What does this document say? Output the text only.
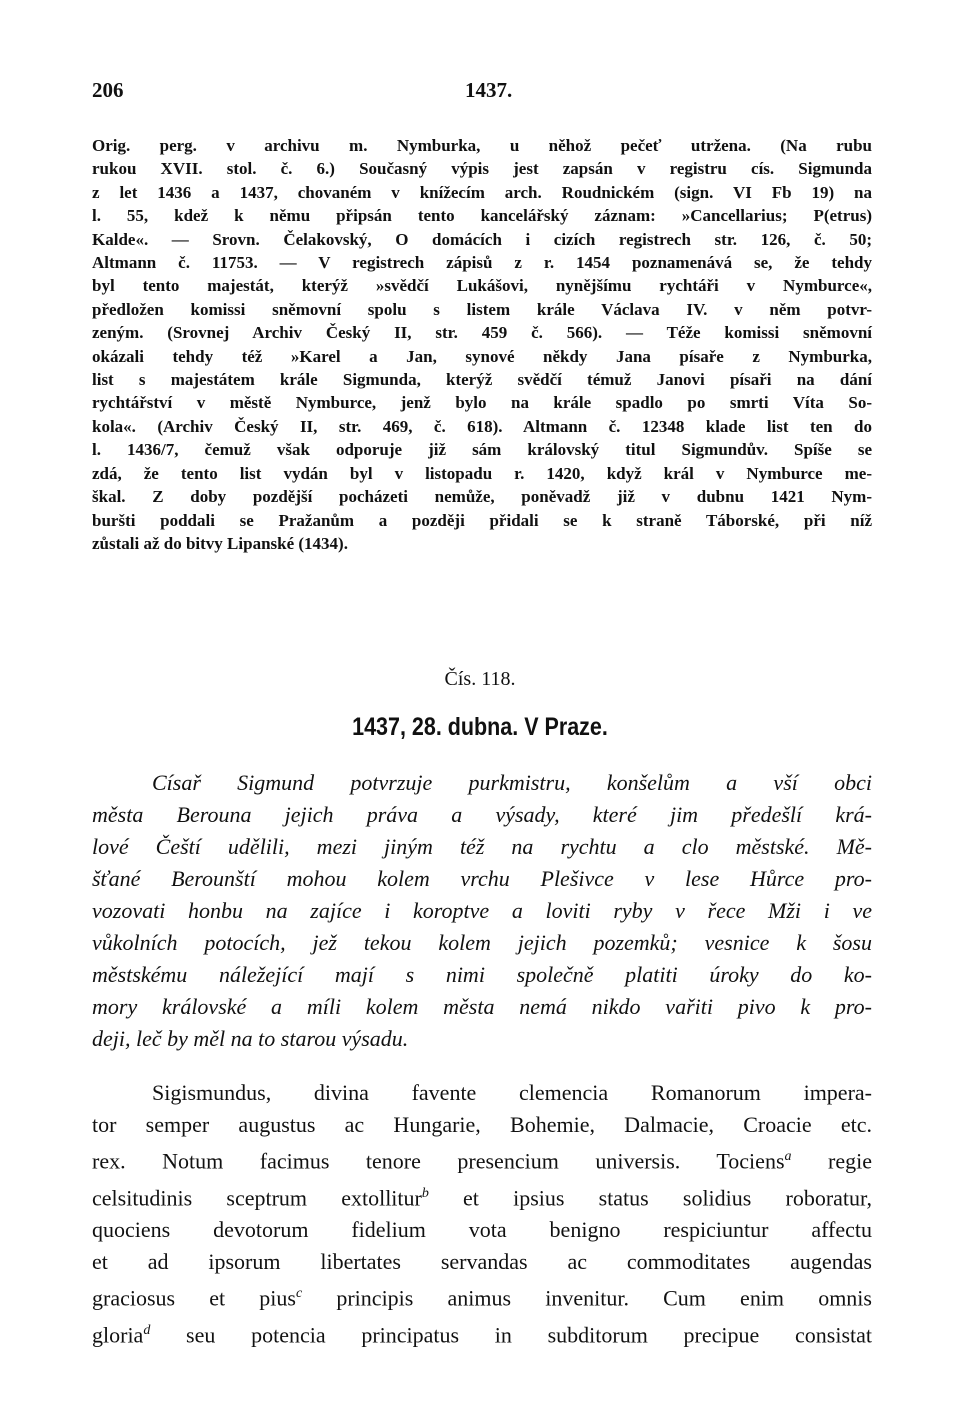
206	1437.
Orig. perg. v archivu m. Nymburka, u něhož pečeť utržena. (Na rubu
rukou XVII. stol. č. 6.) Současný výpis jest zapsán v registru cís. Sigmunda
z let 1436 a 1437, chovaném v knížecím arch. Roudnickém (sign. VI Fb 19) na
l. 55, kdež k němu připsán tento kancelářský záznam: »Cancellarius; P(etrus)
Kalde«. — Srovn. Čelakovský, O domácích i cizích registrech str. 126, č. 50;
Altmann č. 11753. — V registrech zápisů z r. 1454 poznamenává se, že tehdy
byl tento majestát, kterýž »svědčí Lukášovi, nynějšímu rychtáři v Nymburce«,
předložen komissi sněmovní spolu s listem krále Václava IV. v něm potvr-
zeným. (Srovnej Archiv Český II, str. 459 č. 566). — Téže komissi sněmovní
okázali tehdy též »Karel a Jan, synové někdy Jana písaře z Nymburka,
list s majestátem krále Sigmunda, kterýž svědčí témuž Janovi písaři na dání
rychtářství v městě Nymburce, jenž bylo na krále spadlo po smrti Víta So-
kola«. (Archiv Český II, str. 469, č. 618). Altmann č. 12348 klade list ten do
l. 1436/7, čemuž však odporuje již sám královský titul Sigmundův. Spíše se
zdá, že tento list vydán byl v listopadu r. 1420, když král v Nymburce me-
škal. Z doby pozdější pocházeti nemůže, poněvadž již v dubnu 1421 Nym-
buršti poddali se Pražanům a později přidali se k straně Táborské, při níž
zůstali až do bitvy Lipanské (1434).
Čís. 118.
1437, 28. dubna. V Praze.
Císař Sigmund potvrzuje purkmistru, konšelům a vší obci
města Berouna jejich práva a výsady, které jim předešlí krá-
lové Čeští udělili, mezi jiným též na rychtu a clo městské. Mě-
šťané Berounští mohou kolem vrchu Plešivce v lese Hůrce pro-
vozovati honbu na zajíce i koroptve a loviti ryby v řece Mži i ve
vůkolních potocích, jež tekou kolem jejich pozemků; vesnice k šosu
městskému náležející mají s nimi společně platiti úroky do ko-
mory královské a míli kolem města nemá nikdo vařiti pivo k pro-
deji, leč by měl na to starou výsadu.
Sigismundus, divina favente clemencia Romanorum impera-
tor semper augustus ac Hungarie, Bohemie, Dalmacie, Croacie etc.
rex. Notum facimus tenore presencium universis. Tociens$^a$ regie
celsitudinis sceptrum extollitur$^b$ et ipsius status solidius roboratur,
quociens devotorum fidelium vota benigno respiciuntur affectu
et ad ipsorum libertates servandas ac commoditates augendas
graciosus et pius$^c$ principis animus invenitur. Cum enim omnis
gloria$^d$ seu potencia principatus in subditorum precipue consistat
